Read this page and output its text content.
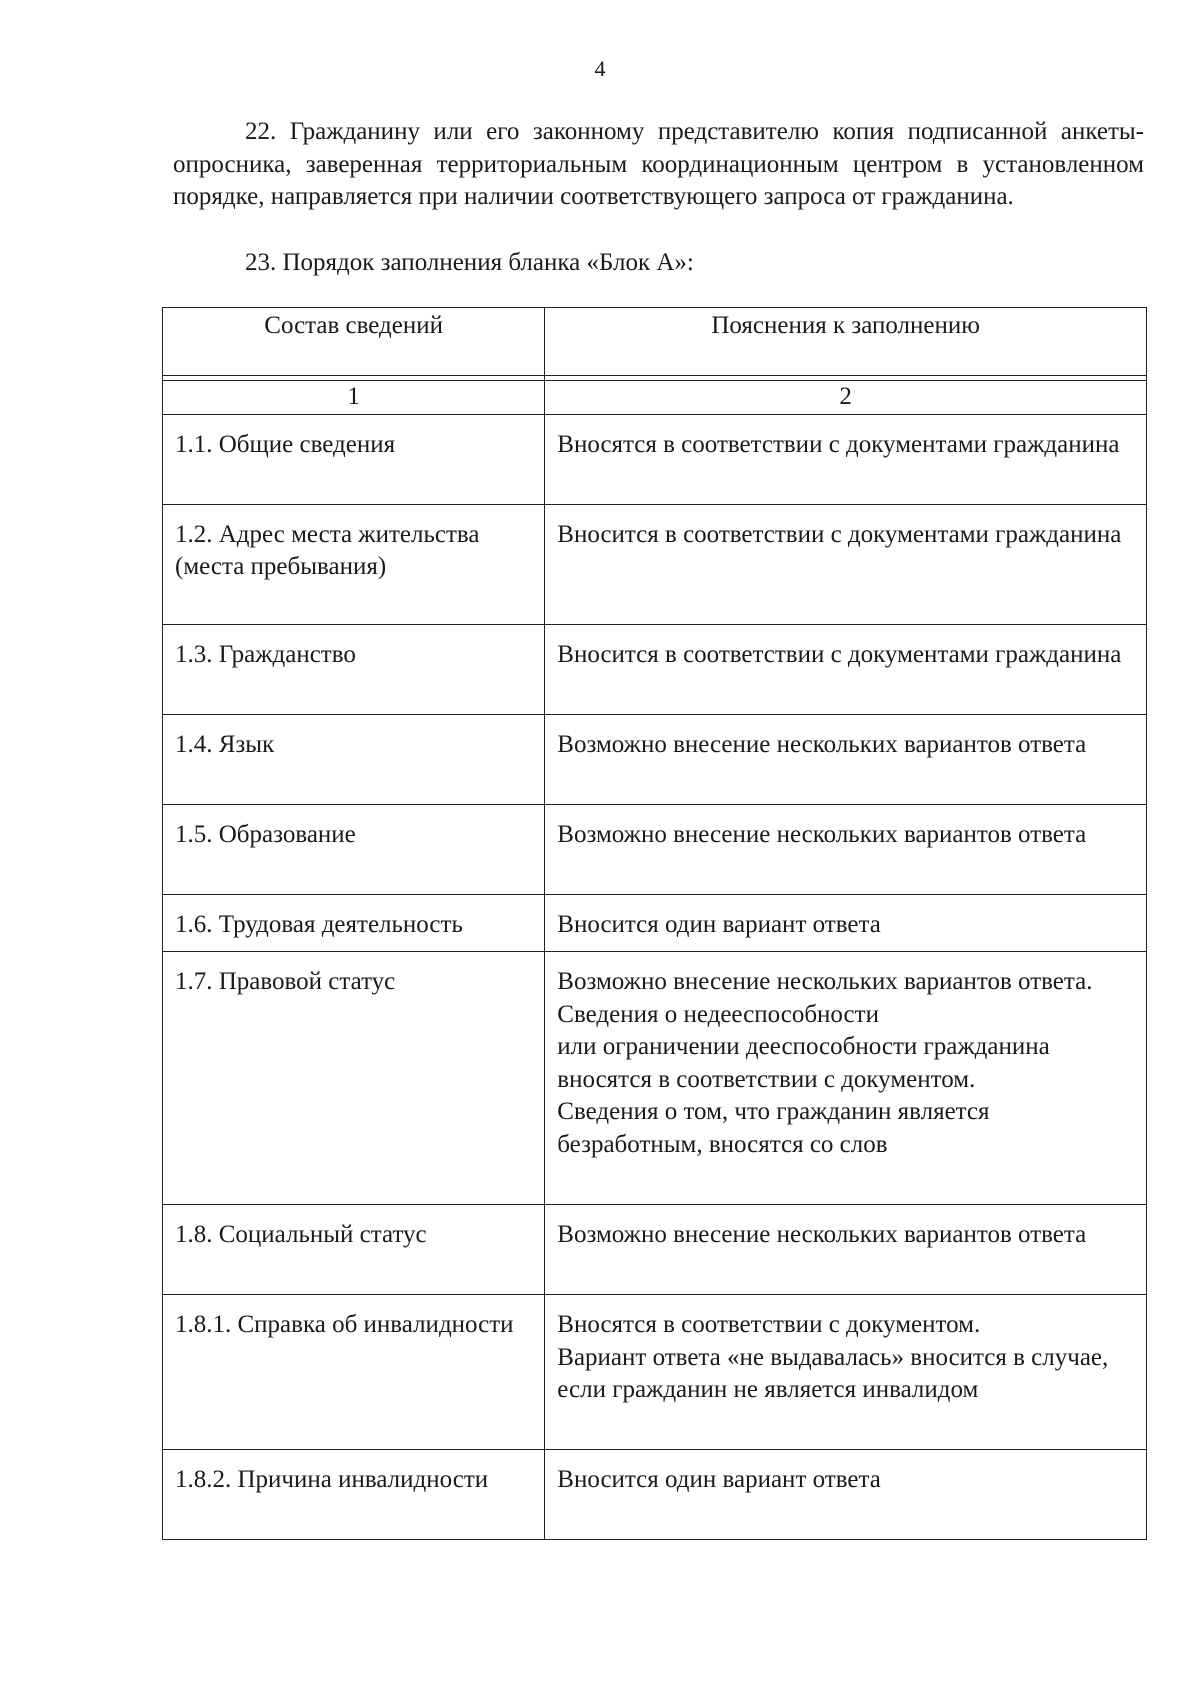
4

22. Гражданину или его законному представителю копия подписанной анкеты-опросника, заверенная территориальным координационным центром в установленном порядке, направляется при наличии соответствующего запроса от гражданина.

23. Порядок заполнения бланка «Блок А»:

Состав сведений	Пояснения к заполнению

1	2
1.1. Общие сведения	Вносятся в соответствии с документами гражданина

1.2. Адрес места жительства (места пребывания)	Вносится в соответствии с документами гражданина

1.3. Гражданство	Вносится в соответствии с документами гражданина

1.4. Язык	Возможно внесение нескольких вариантов ответа

1.5. Образование	Возможно внесение нескольких вариантов ответа

1.6. Трудовая деятельность	Вносится один вариант ответа

1.7. Правовой статус	Возможно внесение нескольких вариантов ответа.
Сведения о недееспособности
или ограничении дееспособности гражданина вносятся в соответствии с документом.
Сведения о том, что гражданин является безработным, вносятся со слов

1.8. Социальный статус	Возможно внесение нескольких вариантов ответа

1.8.1. Справка об инвалидности	Вносятся в соответствии с документом.
Вариант ответа «не выдавалась» вносится в случае, если гражданин не является инвалидом

1.8.2. Причина инвалидности	Вносится один вариант ответа
